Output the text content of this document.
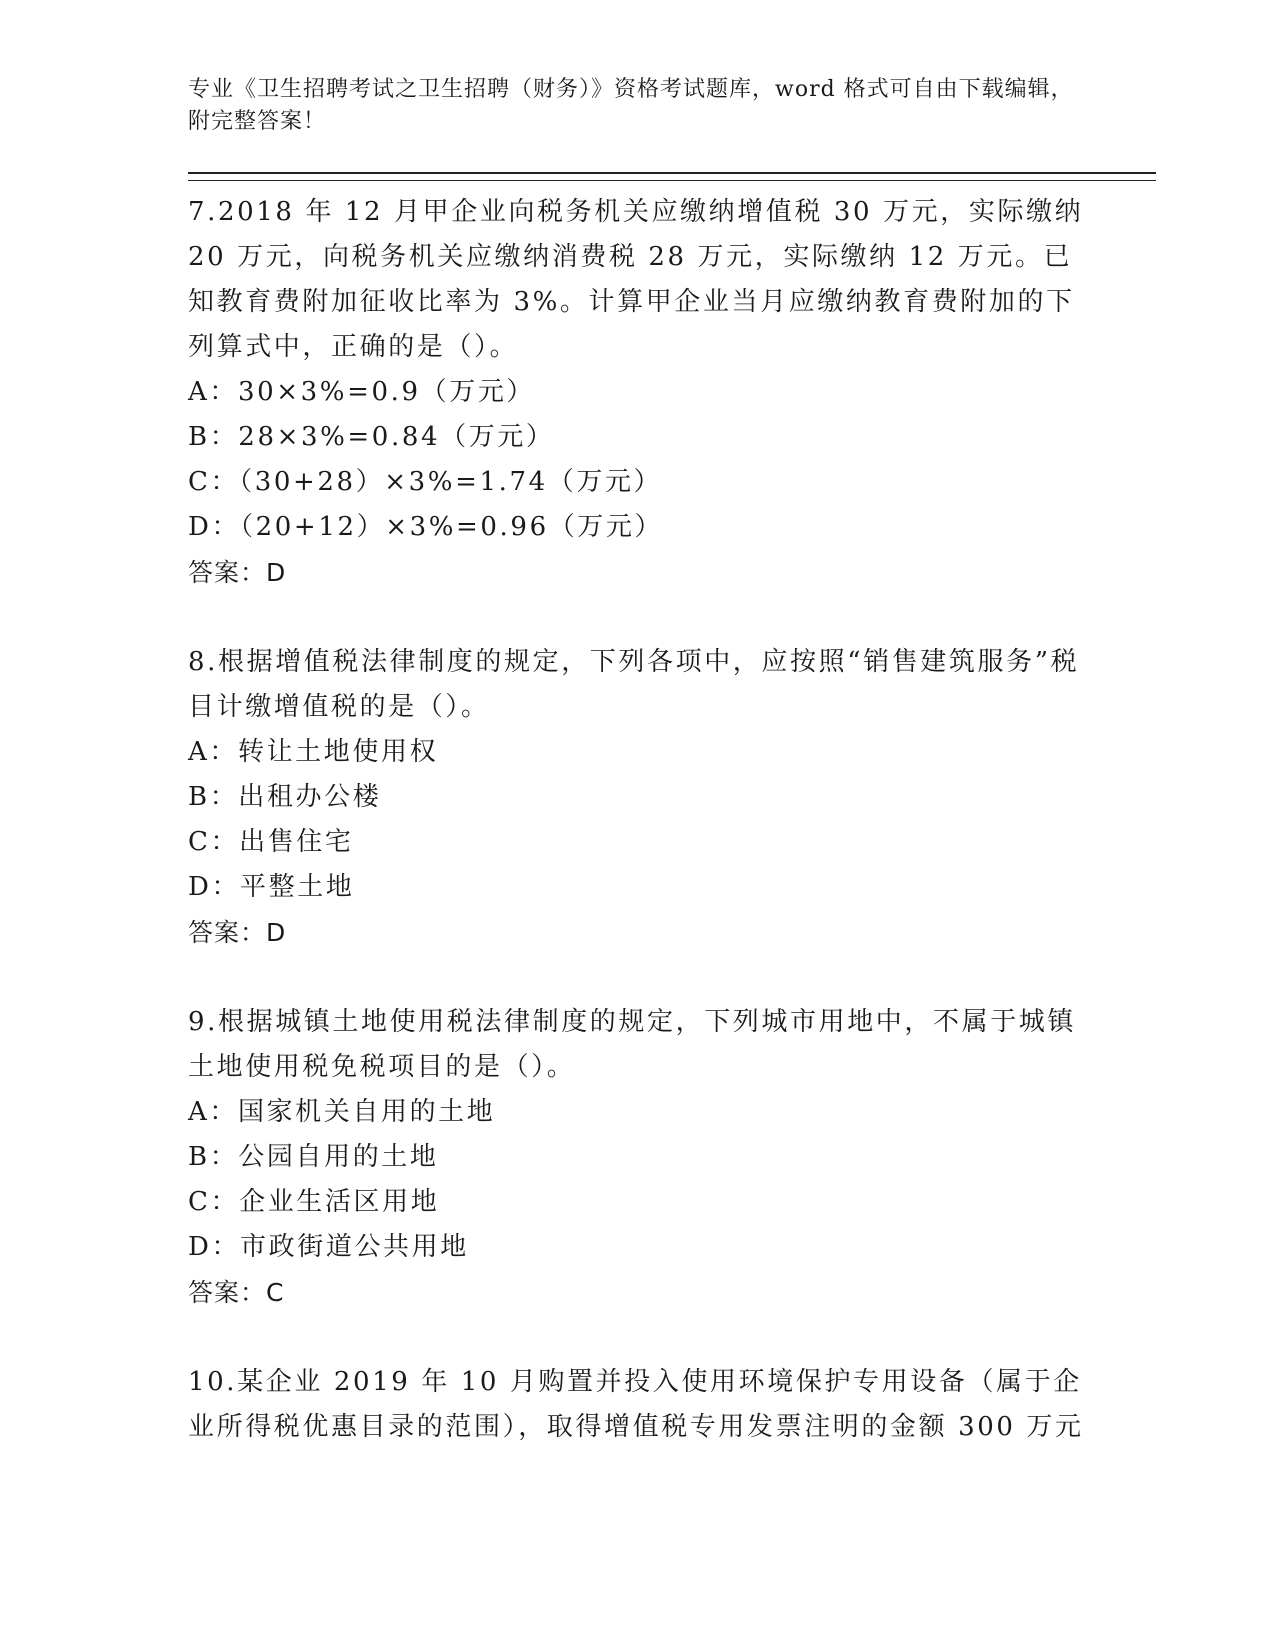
专业《卫生招聘考试之卫生招聘（财务）》资格考试题库，word 格式可自由下载编辑，附完整答案！

7.2018 年 12 月甲企业向税务机关应缴纳增值税 30 万元，实际缴纳 20 万元，向税务机关应缴纳消费税 28 万元，实际缴纳 12 万元。已知教育费附加征收比率为 3%。计算甲企业当月应缴纳教育费附加的下列算式中，正确的是（）。

A：30×3%=0.9（万元）

B：28×3%=0.84（万元）

C：（30+28）×3%=1.74（万元）

D：（20+12）×3%=0.96（万元）

答案：D

8.根据增值税法律制度的规定，下列各项中，应按照“销售建筑服务”税目计缴增值税的是（）。

A：转让土地使用权

B：出租办公楼

C：出售住宅

D：平整土地

答案：D

9.根据城镇土地使用税法律制度的规定，下列城市用地中，不属于城镇土地使用税免税项目的是（）。

A：国家机关自用的土地

B：公园自用的土地

C：企业生活区用地

D：市政街道公共用地

答案：C

10.某企业 2019 年 10 月购置并投入使用环境保护专用设备（属于企业所得税优惠目录的范围），取得增值税专用发票注明的金额 300 万元
